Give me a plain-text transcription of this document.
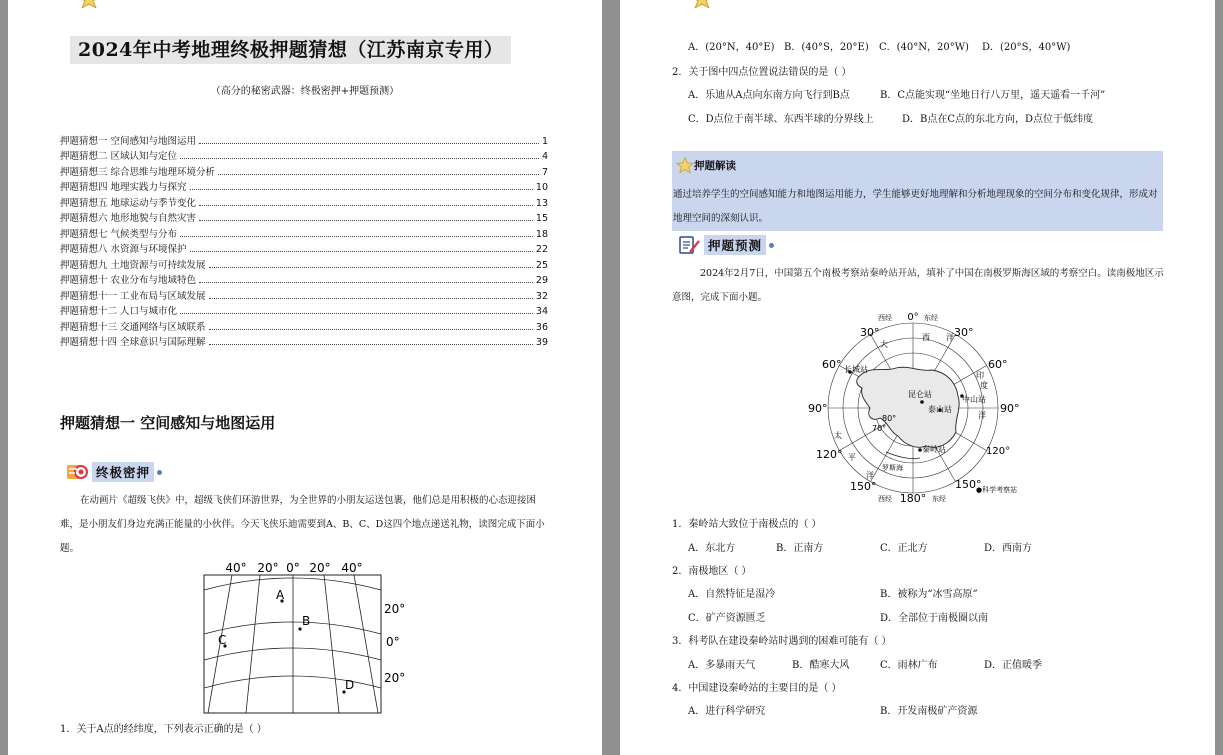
2024年中考地理终极押题猜想（江苏南京专用）
（高分的秘密武器：终极密押+押题预测）
押题猜想一 空间感知与地图运用	1
押题猜想二 区域认知与定位	4
押题猜想三 综合思维与地理环境分析	7
押题猜想四 地理实践力与探究	10
押题猜想五 地球运动与季节变化	13
押题猜想六 地形地貌与自然灾害	15
押题猜想七 气候类型与分布	18
押题猜想八 水资源与环境保护	22
押题猜想九 土地资源与可持续发展	25
押题猜想十 农业分布与地域特色	29
押题猜想十一 工业布局与区域发展	32
押题猜想十二 人口与城市化	34
押题猜想十三 交通网络与区域联系	36
押题猜想十四 全球意识与国际理解	39
押题猜想一 空间感知与地图运用
终极密押
在动画片《超级飞侠》中，超级飞侠们环游世界，为全世界的小朋友运送包裹，他们总是用积极的心态迎接困难，是小朋友们身边充满正能量的小伙伴。今天飞侠乐迪需要到A、B、C、D这四个地点递送礼物，读图完成下面小题。
40° 20° 0° 20° 40°
20°
0°
20°
A
B
C
D
1．关于A点的经纬度，下列表示正确的是（ ）
A．(20°N，40°E) B．(40°S，20°E) C．(40°N，20°W) D．(20°S，40°W)
2．关于图中四点位置说法错误的是（ ）
A．乐迪从A点向东南方向飞行到B点	B．C点能实现“坐地日行八万里，遥天遥看一千河”
C．D点位于南半球、东西半球的分界线上	D．B点在C点的东北方向，D点位于低纬度
押题解读
通过培养学生的空间感知能力和地图运用能力，学生能够更好地理解和分析地理现象的空间分布和变化规律，形成对地理空间的深刻认识。
押题预测
2024年2月7日，中国第五个南极考察站秦岭站开站，填补了中国在南极罗斯海区域的考察空白。读南极地区示意图，完成下面小题。
0°
西经	东经
30°	30°
60°	60°
90°	90°
120°	120°
150°	150°
180°
西经	东经
80°
70°
大
西 洋
印
度
洋
太
平
洋
长城站
昆仑站
泰山站
中山站
秦岭站
罗斯海
●科学考察站
1．秦岭站大致位于南极点的（ ）
A．东北方	B．正南方	C．正北方	D．西南方
2．南极地区（ ）
A．自然特征是湿冷	B．被称为“冰雪高原”
C．矿产资源匮乏	D．全部位于南极圈以南
3．科考队在建设秦岭站时遇到的困难可能有（ ）
A．多暴雨天气	B．酷寒大风	C．雨林广布	D．正值暖季
4．中国建设秦岭站的主要目的是（ ）
A．进行科学研究	B．开发南极矿产资源
